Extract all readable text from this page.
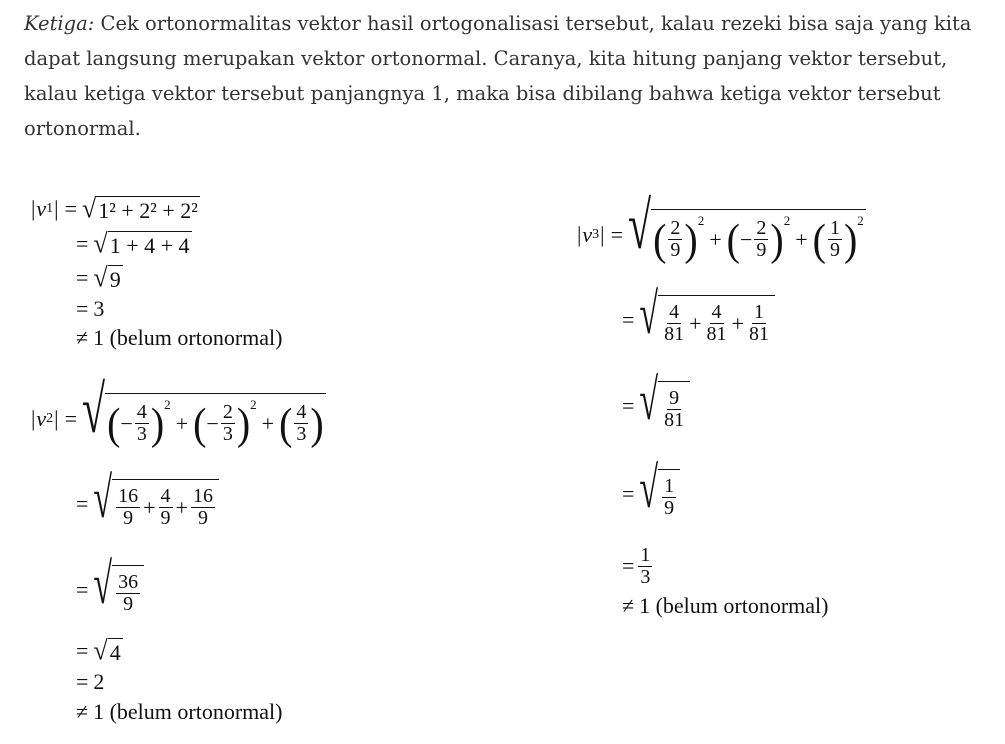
Ketiga: Cek ortonormalitas vektor hasil ortogonalisasi tersebut, kalau rezeki bisa saja yang kita dapat langsung merupakan vektor ortonormal. Caranya, kita hitung panjang vektor tersebut, kalau ketiga vektor tersebut panjangnya 1, maka bisa dibilang bahwa ketiga vektor tersebut ortonormal.
| v 1 | = √ 1² + 2² + 2²
= √ 1 + 4 + 4
= √ 9
= 3
≠ 1 (belum ortonormal)
| v 2 | = √ ( − $\frac{4}{3}$ ) 2
+ ( − $\frac{2}{3}$ ) 2
+ ( $\frac{4}{3}$ )
= √ $\frac{16}{9} + \frac{4}{9} + \frac{16}{9}$
= √ $\frac{36}{9}$
= √ 4
= 2
≠ 1 (belum ortonormal)
| v 3 | = √ ( $\frac{2}{9}$ ) 2
+ ( − $\frac{2}{9}$ ) 2
+ ( $\frac{1}{9}$ ) 2
= √ $\frac{4}{81} + \frac{4}{81} + \frac{1}{81}$
= √ $\frac{9}{81}$
= √ $\frac{1}{9}$
= $\frac{1}{3}$
≠ 1 (belum ortonormal)
